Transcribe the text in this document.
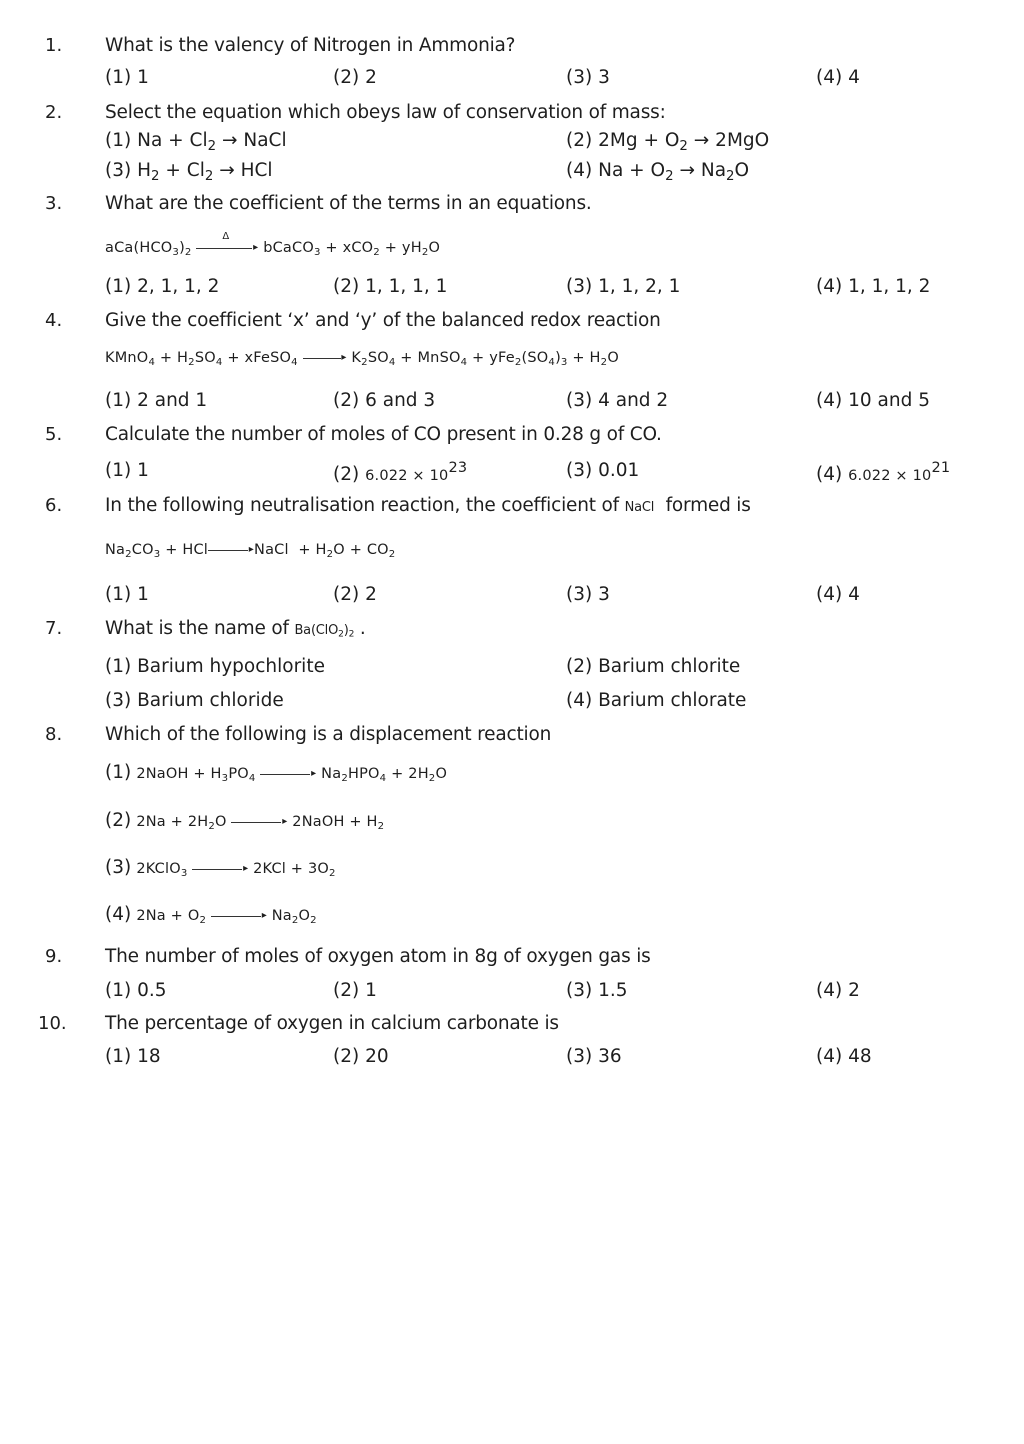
1. What is the valency of Nitrogen in Ammonia?
(1) 1	(2) 2	(3) 3	(4) 4
2. Select the equation which obeys law of conservation of mass:
(1) $Na + Cl_2$ → NaCl	(2) $2Mg + O_2 \to 2MgO$
(3) $H_2 + Cl_2$ → HCl	(4) $Na + O_2 \to Na_2O$
3. What are the coefficient of the terms in an equations.
$aCa(HCO_3)_2$	▸
Δ
bCaCO$_3$ + $xCO_2 + yH_2O$
(1) 2, 1, 1, 2	(2) 1, 1, 1, 1	(3) 1, 1, 2, 1	(4) 1, 1, 1, 2
4. Give the coefficient ‘x’ and ‘y’ of the balanced redox reaction
KMnO$_4$ + $H_2SO_4$ + xFeSO$_4$	▸ $K_2SO_4$ + MnSO$_4$ + $yFe_2(SO_4)_3 + H_2O$
(1) 2 and 1	(2) 6 and 3	(3) 4 and 2	(4) 10 and 5
5. Calculate the number of moles of CO present in 0.28 g of CO.
(1) 1	(2) $6.022 \times 10^{23}$	(3) 0.01	(4) $6.022 \times 10^{21}$
6. In the following neutralisation reaction, the coefficient of NaCl formed is
$Na_2CO_3$ + HCl	▸ NaCl  + $H_2O + CO_2$
(1) 1	(2) 2	(3) 3	(4) 4
7. What is the name of $Ba(ClO_2)_2$ .
(1) Barium hypochlorite	(2) Barium chlorite
(3) Barium chloride	(4) Barium chlorate
8. Which of the following is a displacement reaction
(1) 2NaOH + $H_3PO_4$	▸ $Na_2HPO_4 + 2H_2O$
(2) $2Na + 2H_2O$	▸ 2NaOH + $H_2$
(3) 2KClO$_3$	▸ $2KCl + 3O_2$
(4) $2Na + O_2$	▸ $Na_2O_2$
9. The number of moles of oxygen atom in 8g of oxygen gas is
(1) 0.5	(2) 1	(3) 1.5	(4) 2
10. The percentage of oxygen in calcium carbonate is
(1) 18	(2) 20	(3) 36	(4) 48
